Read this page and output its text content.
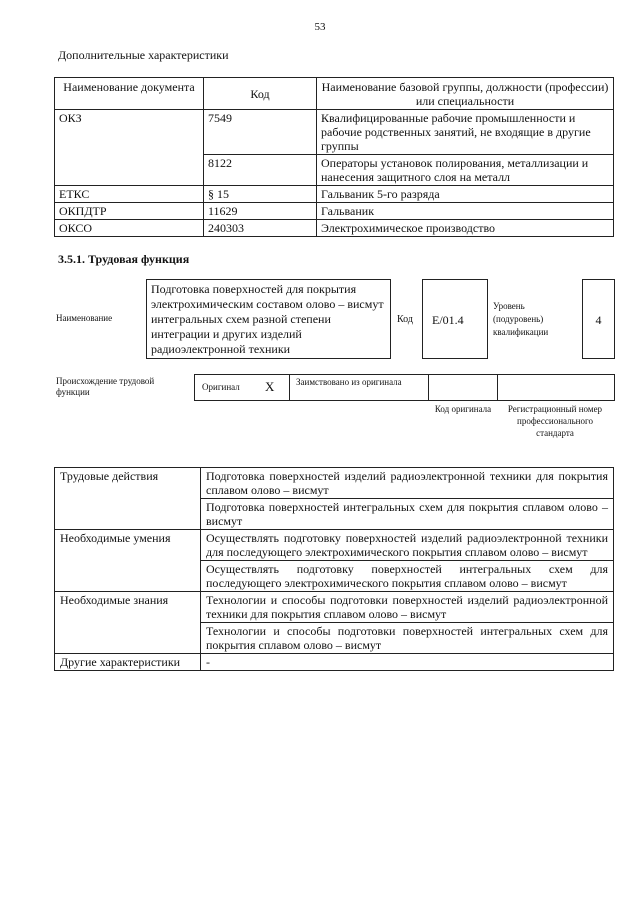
53
Дополнительные характеристики
Наименование документа	Код	Наименование базовой группы, должности (профессии) или специальности
ОКЗ	7549	Квалифицированные рабочие промышленности и рабочие родственных занятий, не входящие в другие группы
	8122	Операторы установок полирования, металлизации и нанесения защитного слоя на металл
ЕТКС	§ 15	Гальваник 5-го разряда
ОКПДТР	11629	Гальваник
ОКСО	240303	Электрохимическое производство
3.5.1. Трудовая функция
Наименование
Подготовка поверхностей для покрытия электрохимическим составом олово – висмут интегральных схем разной степени интеграции и других изделий радиоэлектронной техники
Код	E/01.4
Уровень (подуровень) квалификации
4
Происхождение трудовой функции	Оригинал X Заимствовано из оригинала
Код оригинала	Регистрационный номер профессионального стандарта
Трудовые действия	Подготовка поверхностей изделий радиоэлектронной техники для покрытия сплавом олово – висмут
	Подготовка поверхностей интегральных схем для покрытия сплавом олово – висмут
Необходимые умения	Осуществлять подготовку поверхностей изделий радиоэлектронной техники для последующего электрохимического покрытия сплавом олово – висмут
	Осуществлять подготовку поверхностей интегральных схем для последующего электрохимического покрытия сплавом олово – висмут
Необходимые знания	Технологии и способы подготовки поверхностей изделий радиоэлектронной техники для покрытия сплавом олово – висмут
	Технологии и способы подготовки поверхностей интегральных схем для покрытия сплавом олово – висмут
Другие характеристики	-
